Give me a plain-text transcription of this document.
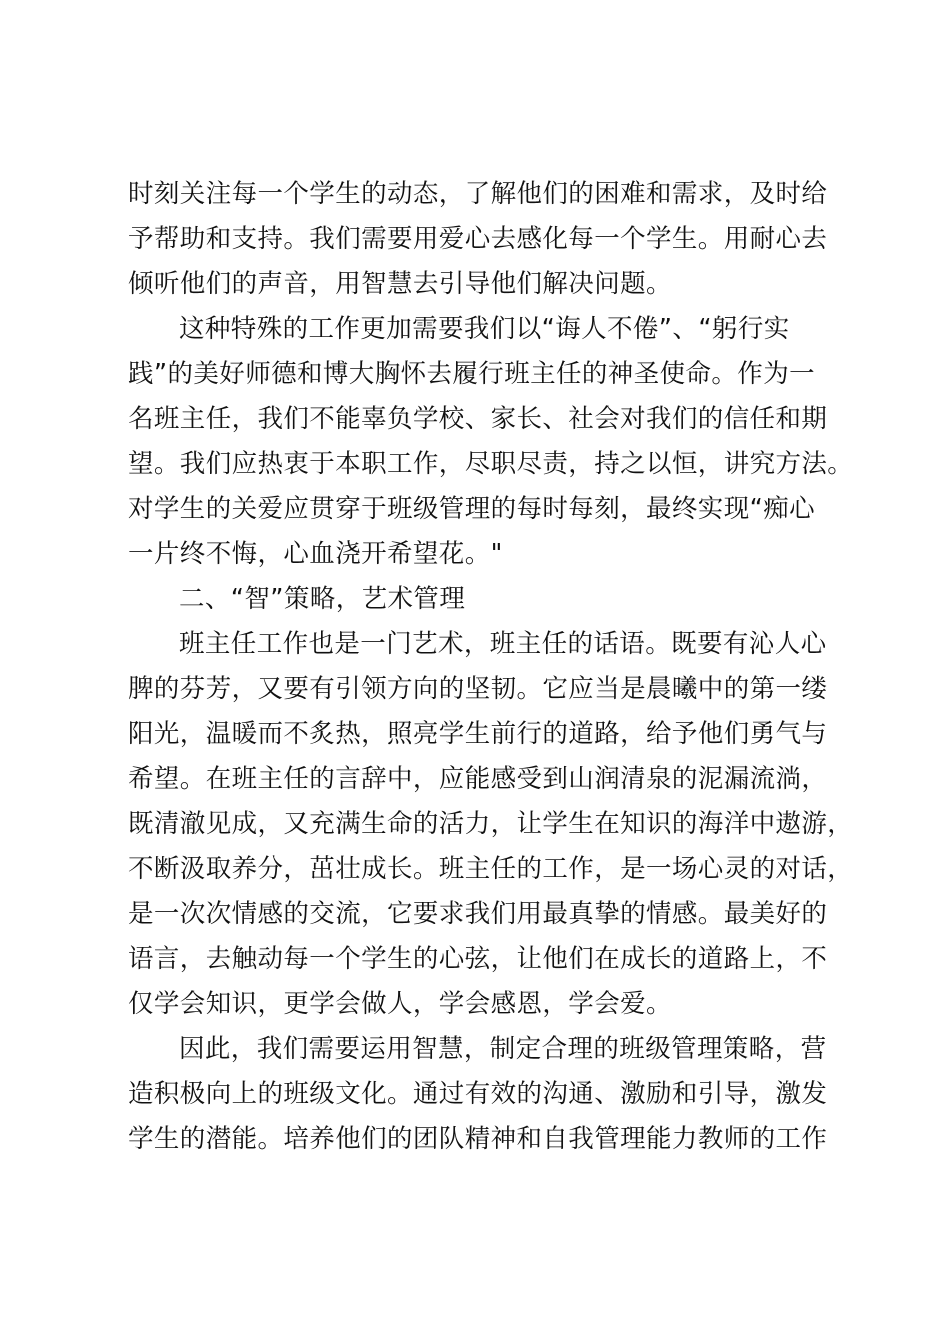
时刻关注每一个学生的动态，了解他们的困难和需求，及时给
予帮助和支持。我们需要用爱心去感化每一个学生。用耐心去
倾听他们的声音，用智慧去引导他们解决问题。
这种特殊的工作更加需要我们以“诲人不倦”、“躬行实
践”的美好师德和博大胸怀去履行班主任的神圣使命。作为一
名班主任，我们不能辜负学校、家长、社会对我们的信任和期
望。我们应热衷于本职工作，尽职尽责，持之以恒，讲究方法。
对学生的关爱应贯穿于班级管理的每时每刻，最终实现“痴心
一片终不悔，心血浇开希望花。"
二、“智”策略，艺术管理
班主任工作也是一门艺术，班主任的话语。既要有沁人心
脾的芬芳，又要有引领方向的坚韧。它应当是晨曦中的第一缕
阳光，温暖而不炙热，照亮学生前行的道路，给予他们勇气与
希望。在班主任的言辞中，应能感受到山润清泉的泥漏流淌，
既清澈见成，又充满生命的活力，让学生在知识的海洋中遨游，
不断汲取养分，茁壮成长。班主任的工作，是一场心灵的对话，
是一次次情感的交流，它要求我们用最真挚的情感。最美好的
语言，去触动每一个学生的心弦，让他们在成长的道路上，不
仅学会知识，更学会做人，学会感恩，学会爱。
因此，我们需要运用智慧，制定合理的班级管理策略，营
造积极向上的班级文化。通过有效的沟通、激励和引导，激发
学生的潜能。培养他们的团队精神和自我管理能力教师的工作
